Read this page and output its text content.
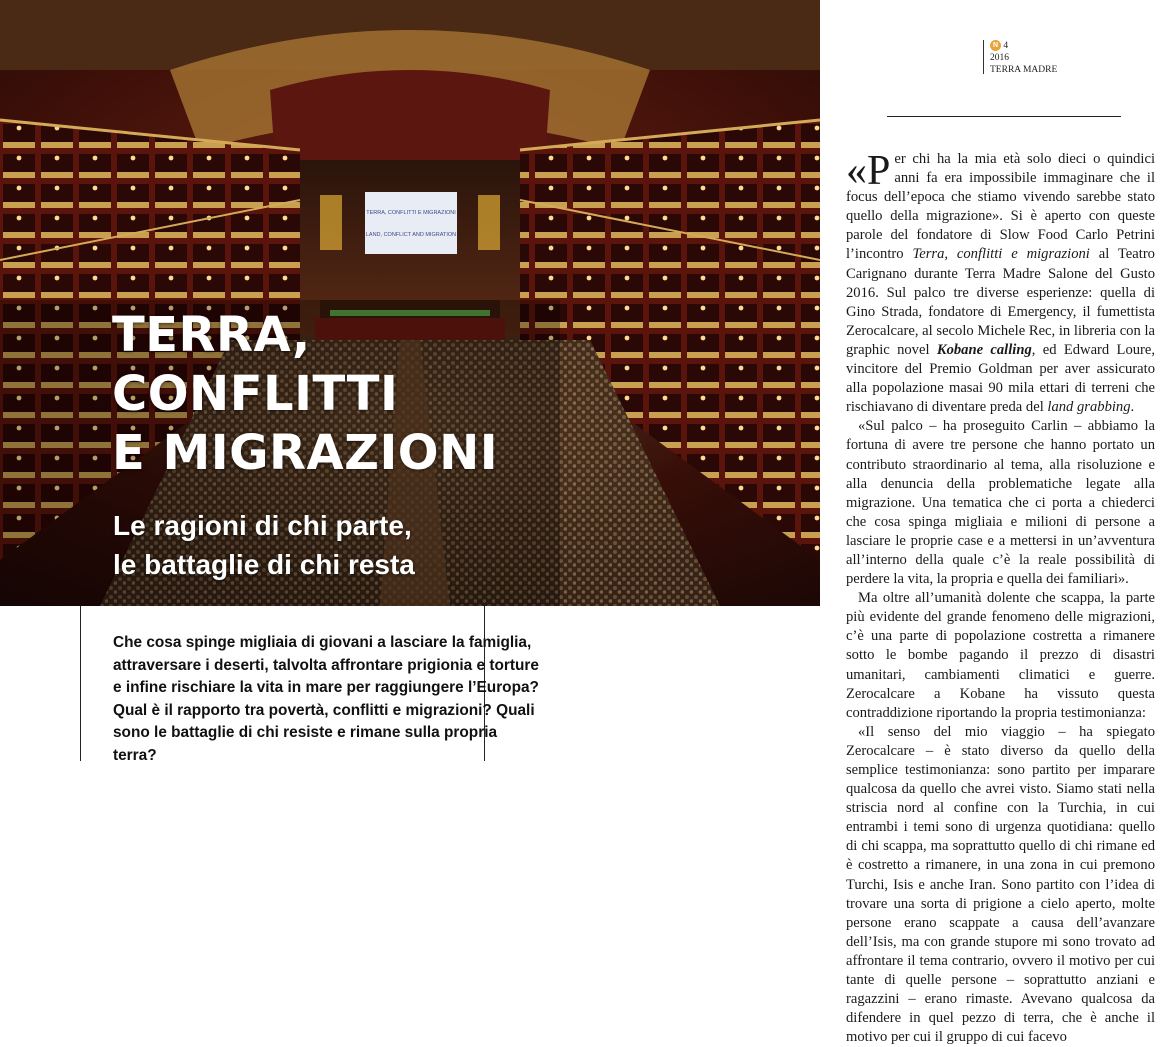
TERRA, CONFLITTI E MIGRAZIONI
LAND, CONFLICT AND MIGRATION
TERRA,
CONFLITTI
E MIGRAZIONI
Le ragioni di chi parte,
le battaglie di chi resta

Che cosa spinge migliaia di giovani a lasciare la famiglia, attraversare i deserti, talvolta affrontare prigionia e torture e infine rischiare la vita in mare per raggiungere l’Europa? Qual è il rapporto tra povertà, conflitti e migrazioni? Quali sono le battaglie di chi resiste e rimane sulla propria terra?

N 4
2016
TERRA MADRE

«Per chi ha la mia età solo dieci o quindici anni fa era impossibile immaginare che il focus dell’epoca che stiamo vivendo sarebbe stato quello della migrazione». Si è aperto con queste parole del fondatore di Slow Food Carlo Petrini l’incontro Terra, conflitti e migrazioni al Teatro Carignano durante Terra Madre Salone del Gusto 2016. Sul palco tre diverse esperienze: quella di Gino Strada, fondatore di Emergency, il fumettista Zerocalcare, al secolo Michele Rec, in libreria con la graphic novel Kobane calling, ed Edward Loure, vincitore del Premio Goldman per aver assicurato alla popolazione masai 90 mila ettari di terreni che rischiavano di diventare preda del land grabbing.

«Sul palco – ha proseguito Carlin – abbiamo la fortuna di avere tre persone che hanno portato un contributo straordinario al tema, alla risoluzione e alla denuncia della problematiche legate alla migrazione. Una tematica che ci porta a chiederci che cosa spinga migliaia e milioni di persone a lasciare le proprie case e a mettersi in un’avventura all’interno della quale c’è la reale possibilità di perdere la vita, la propria e quella dei familiari».

Ma oltre all’umanità dolente che scappa, la parte più evidente del grande fenomeno delle migrazioni, c’è una parte di popolazione costretta a rimanere sotto le bombe pagando il prezzo di disastri umanitari, cambiamenti climatici e guerre. Zerocalcare a Kobane ha vissuto questa contraddizione riportando la propria testimonianza:

«Il senso del mio viaggio – ha spiegato Zerocalcare – è stato diverso da quello della semplice testimonianza: sono partito per imparare qualcosa da quello che avrei visto. Siamo stati nella striscia nord al confine con la Turchia, in cui entrambi i temi sono di urgenza quotidiana: quello di chi scappa, ma soprattutto quello di chi rimane ed è costretto a rimanere, in una zona in cui premono Turchi, Isis e anche Iran. Sono partito con l’idea di trovare una sorta di prigione a cielo aperto, molte persone erano scappate a causa dell’avanzare dell’Isis, ma con grande stupore mi sono trovato ad affrontare il tema contrario, ovvero il motivo per cui tante di quelle persone – soprattutto anziani e ragazzini – erano rimaste. Avevano qualcosa da difendere in quel pezzo di terra, che è anche il motivo per cui il gruppo di cui facevo
